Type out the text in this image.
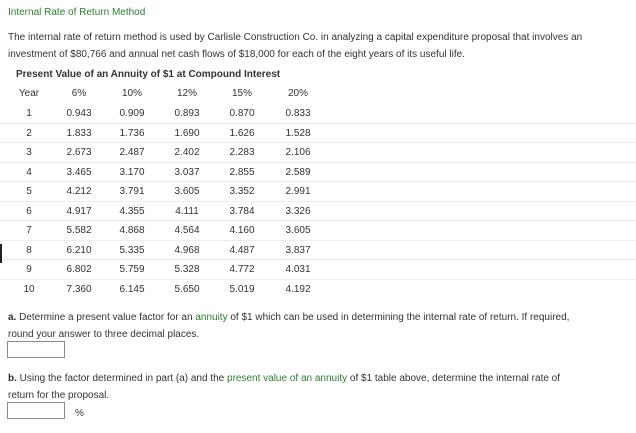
Internal Rate of Return Method
The internal rate of return method is used by Carlisle Construction Co. in analyzing a capital expenditure proposal that involves an
investment of $80,766 and annual net cash flows of $18,000 for each of the eight years of its useful life.
Present Value of an Annuity of $1 at Compound Interest
Year	6%	10%	12%	15%	20%
1	0.943	0.909	0.893	0.870	0.833
2	1.833	1.736	1.690	1.626	1.528
3	2.673	2.487	2.402	2.283	2.106
4	3.465	3.170	3.037	2.855	2.589
5	4.212	3.791	3.605	3.352	2.991
6	4.917	4.355	4.111	3.784	3.326
7	5.582	4.868	4.564	4.160	3.605
8	6.210	5.335	4.968	4.487	3.837
9	6.802	5.759	5.328	4.772	4.031
10	7.360	6.145	5.650	5.019	4.192
a. Determine a present value factor for an annuity of $1 which can be used in determining the internal rate of return. If required,
round your answer to three decimal places.
b. Using the factor determined in part (a) and the present value of an annuity of $1 table above, determine the internal rate of
return for the proposal.
%
